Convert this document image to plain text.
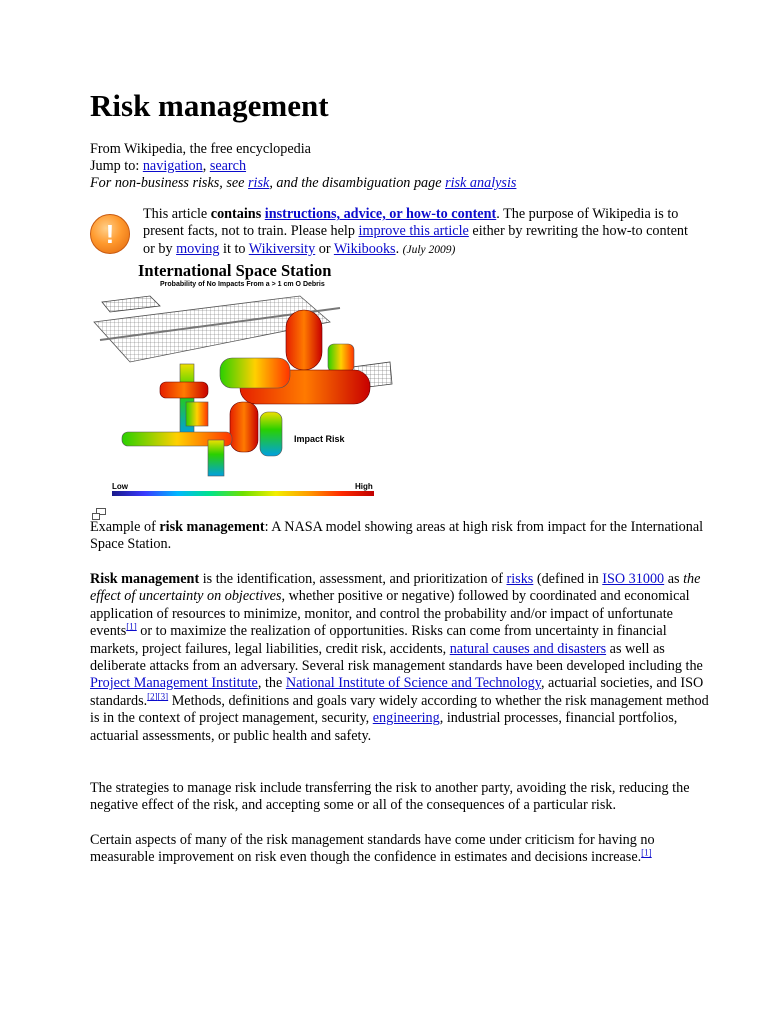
Risk management
From Wikipedia, the free encyclopedia
Jump to: navigation, search
For non-business risks, see risk, and the disambiguation page risk analysis
!
This article contains instructions, advice, or how-to content. The purpose of Wikipedia is to present facts, not to train. Please help improve this article either by rewriting the how-to content or by moving it to Wikiversity or Wikibooks. (July 2009)
International Space Station
Probability of No Impacts From a > 1 cm O Debris
Impact Risk
Low	High
Example of risk management: A NASA model showing areas at high risk from impact for the International Space Station.
Risk management is the identification, assessment, and prioritization of risks (defined in ISO 31000 as the effect of uncertainty on objectives, whether positive or negative) followed by coordinated and economical application of resources to minimize, monitor, and control the probability and/or impact of unfortunate events[1] or to maximize the realization of opportunities. Risks can come from uncertainty in financial markets, project failures, legal liabilities, credit risk, accidents, natural causes and disasters as well as deliberate attacks from an adversary. Several risk management standards have been developed including the Project Management Institute, the National Institute of Science and Technology, actuarial societies, and ISO standards.[2][3] Methods, definitions and goals vary widely according to whether the risk management method is in the context of project management, security, engineering, industrial processes, financial portfolios, actuarial assessments, or public health and safety.
The strategies to manage risk include transferring the risk to another party, avoiding the risk, reducing the negative effect of the risk, and accepting some or all of the consequences of a particular risk.
Certain aspects of many of the risk management standards have come under criticism for having no measurable improvement on risk even though the confidence in estimates and decisions increase.[1]
